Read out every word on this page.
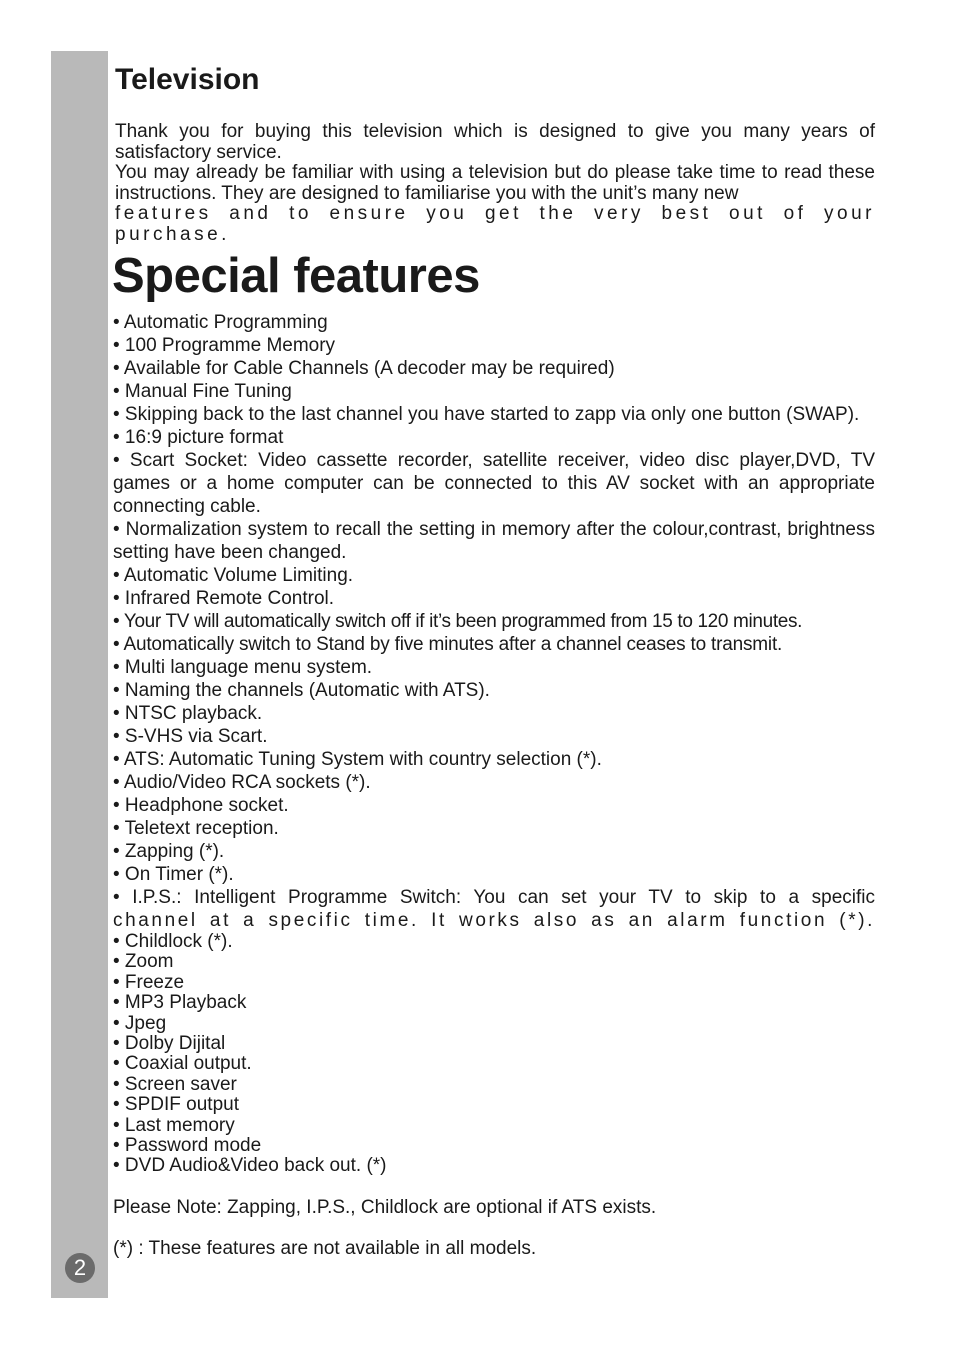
2
Television

Thank you for buying this television which is designed to give you many years of satisfactory service.

You may already be familiar with using a television but do please take time to read these instructions. They are designed to familiarise you with the unit’s many new

features and to ensure you get the very best out of your purchase.

Special features
• Automatic Programming
• 100 Programme Memory
• Available for Cable Channels (A decoder may be required)
• Manual Fine Tuning
• Skipping back to the last channel you have started to zapp via only one button (SWAP).
• 16:9 picture format
• Scart Socket: Video cassette recorder, satellite receiver, video disc player,DVD, TV games or a home computer can be connected to this AV socket with an appropriate connecting cable.
• Normalization system to recall the setting in memory after the colour,contrast, brightness setting have been changed.
• Automatic Volume Limiting.
• Infrared Remote Control.
• Your TV will automatically switch off if it’s been programmed from 15 to 120 minutes.
• Automatically switch to Stand by five minutes after a channel ceases to transmit.
• Multi language menu system.
• Naming the channels (Automatic with ATS).
• NTSC playback.
• S-VHS via Scart.
• ATS: Automatic Tuning System with country selection (*).
• Audio/Video RCA sockets (*).
• Headphone socket.
• Teletext reception.
• Zapping (*).
• On Timer (*).
• I.P.S.: Intelligent Programme Switch: You can set your TV to skip to a specific
channel at a specific time. It works also as an alarm function (*).
• Childlock (*).
• Zoom
• Freeze
• MP3 Playback
• Jpeg
• Dolby Dijital
• Coaxial output.
• Screen saver
• SPDIF output
• Last memory
• Password mode
• DVD Audio&Video back out. (*)

Please Note: Zapping, I.P.S., Childlock are optional if ATS exists.

(*) : These features are not available in all models.
